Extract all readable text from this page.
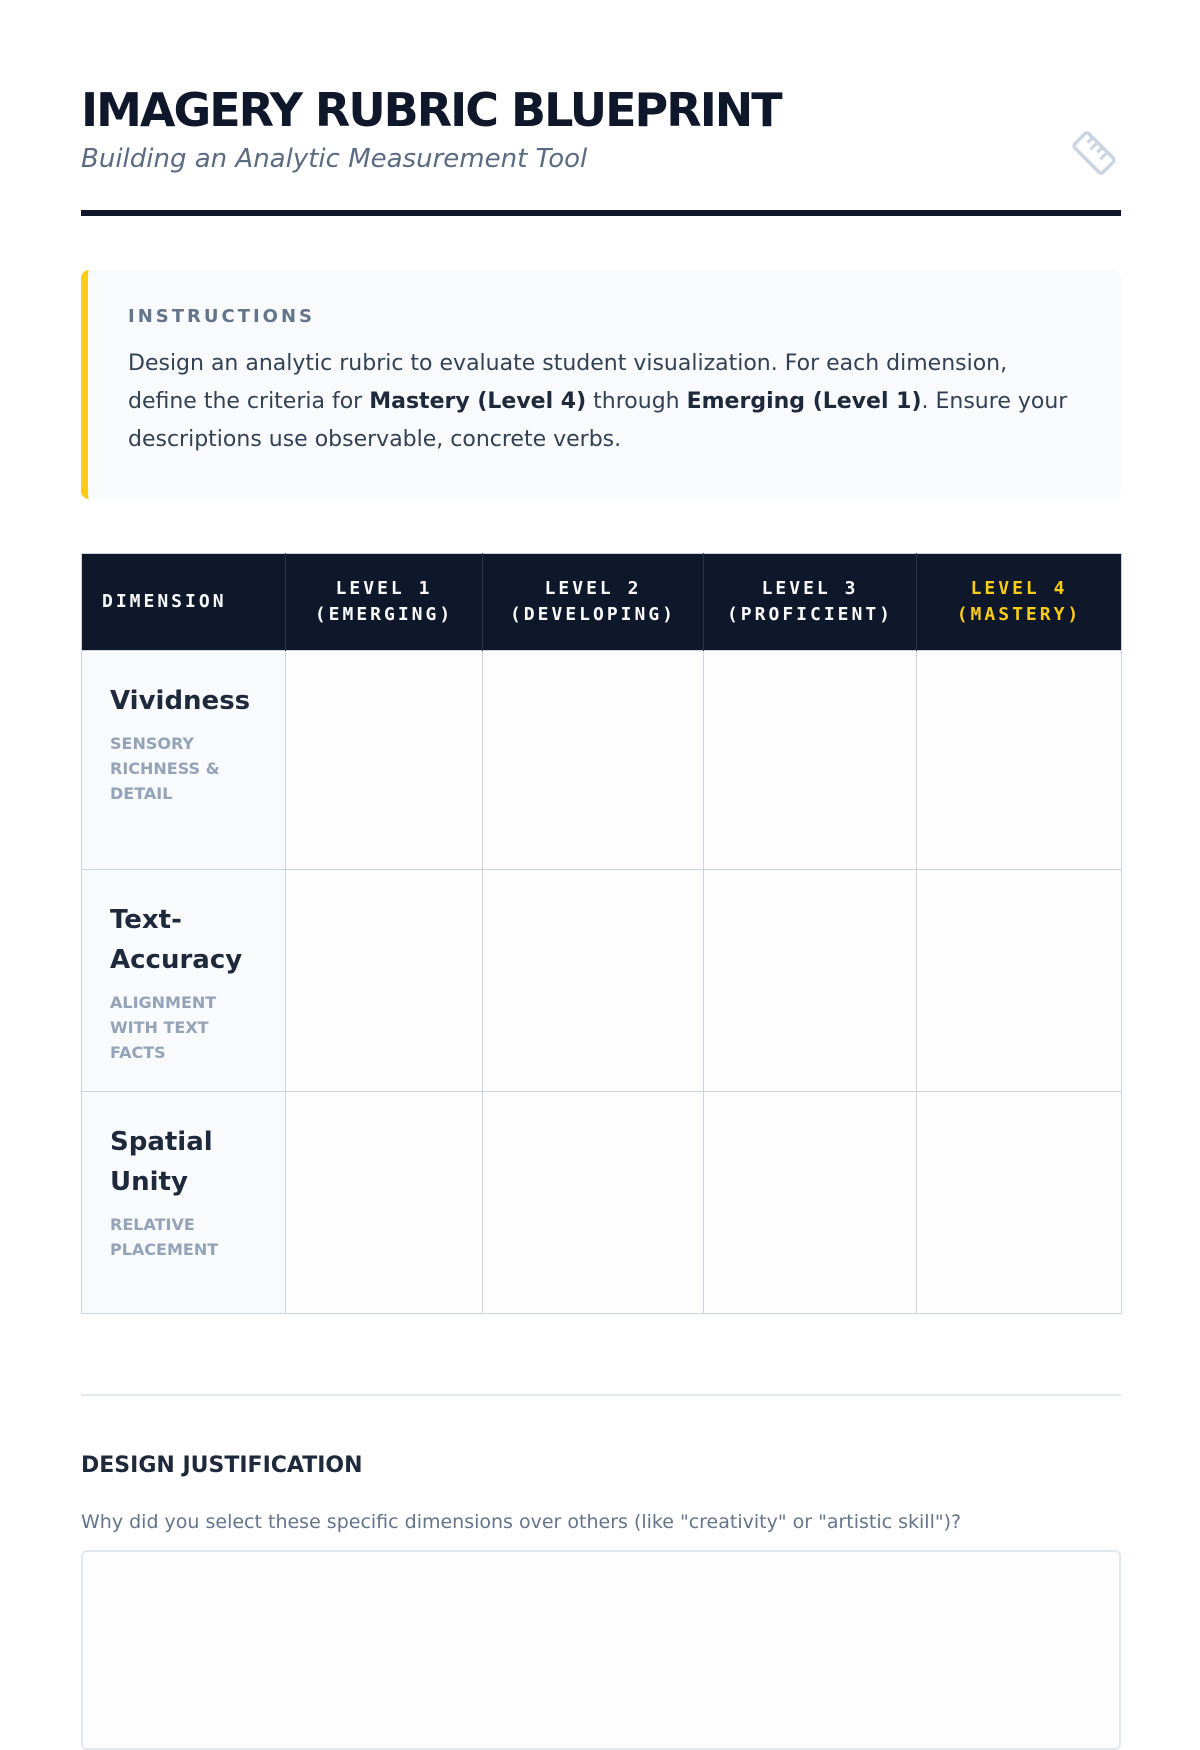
IMAGERY RUBRIC BLUEPRINT

Building an Analytic Measurement Tool

INSTRUCTIONS
Design an analytic rubric to evaluate student visualization. For each dimension, define the criteria for Mastery (Level 4) through Emerging (Level 1). Ensure your descriptions use observable, concrete verbs.
DIMENSION	LEVEL 1 (EMERGING)	LEVEL 2 (DEVELOPING)	LEVEL 3 (PROFICIENT)	LEVEL 4 (MASTERY)

Vividness
SENSORY RICHNESS & DETAIL				

Text-Accuracy
ALIGNMENT WITH TEXT FACTS				

Spatial Unity
RELATIVE PLACEMENT				

DESIGN JUSTIFICATION
Why did you select these specific dimensions over others (like "creativity" or "artistic skill")?
